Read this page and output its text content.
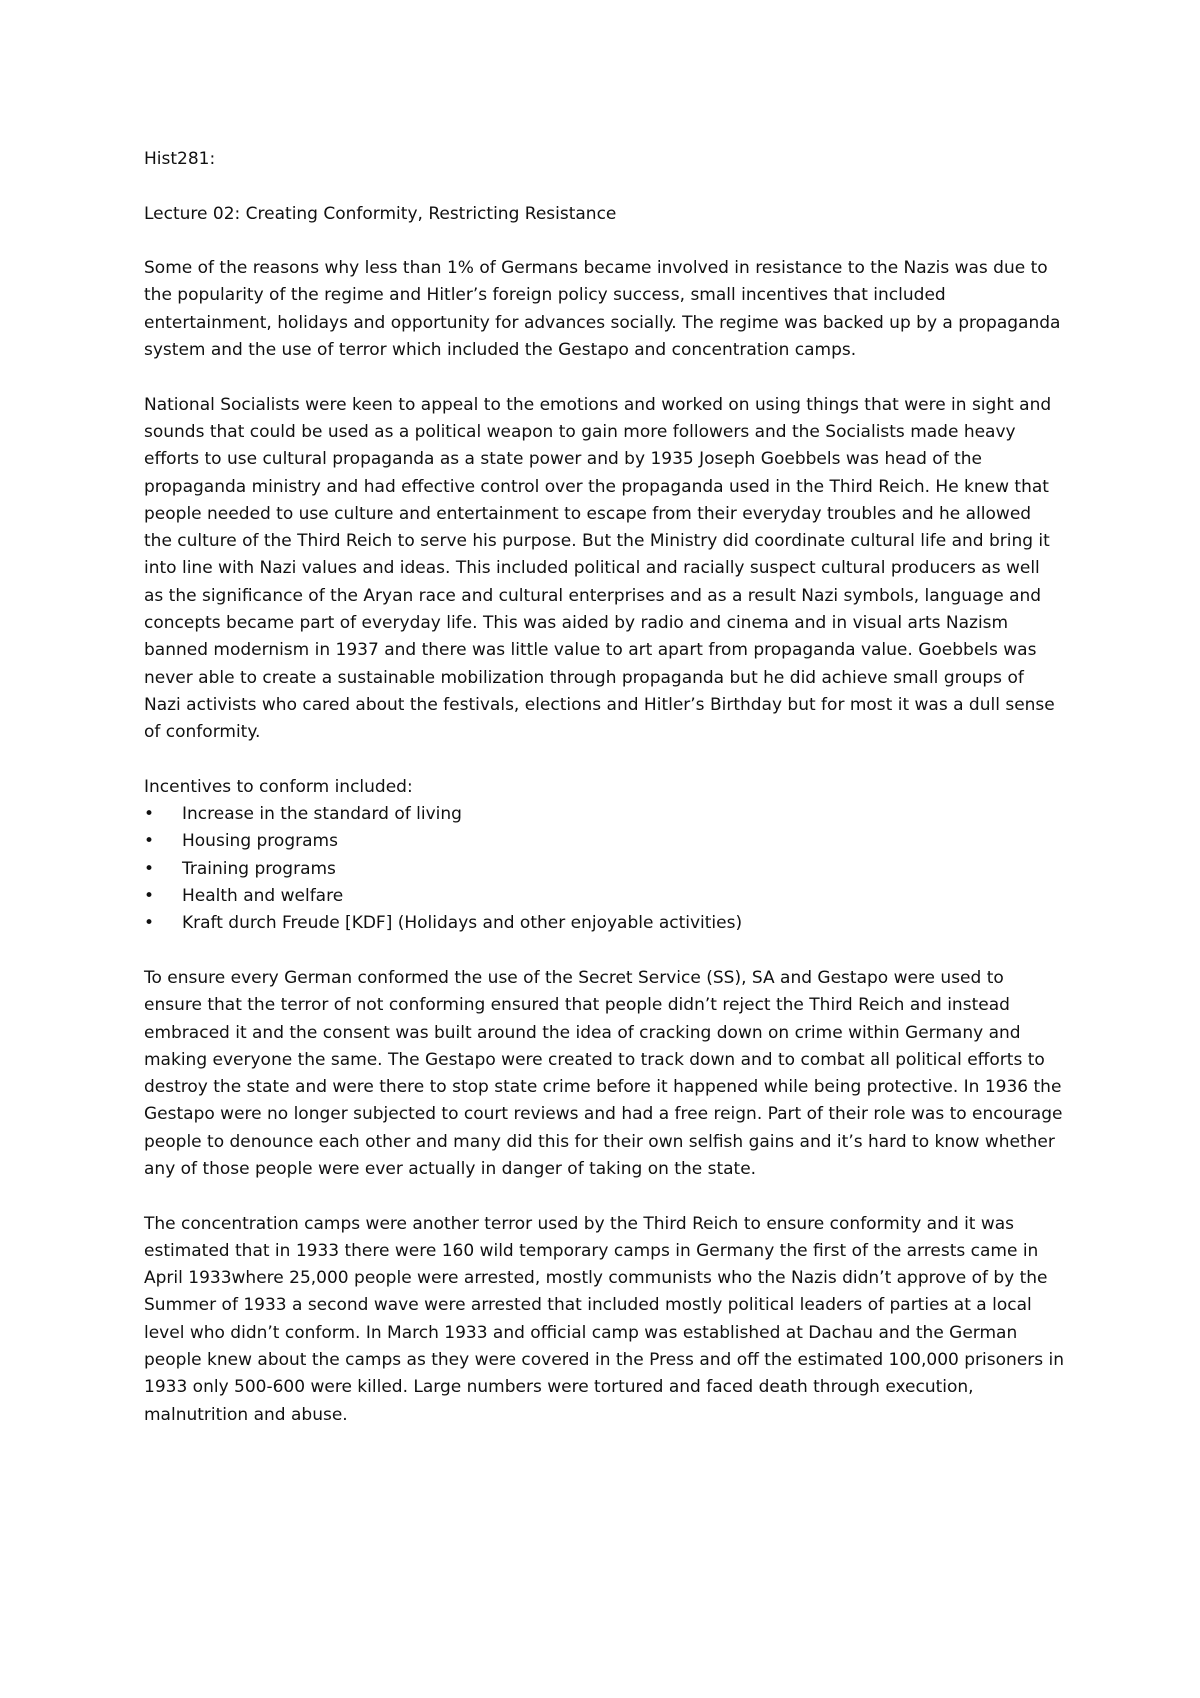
Hist281:

Lecture 02: Creating Conformity, Restricting Resistance

Some of the reasons why less than 1% of Germans became involved in resistance to the Nazis was due to the popularity of the regime and Hitler’s foreign policy success, small incentives that included entertainment, holidays and opportunity for advances socially. The regime was backed up by a propaganda system and the use of terror which included the Gestapo and concentration camps.

National Socialists were keen to appeal to the emotions and worked on using things that were in sight and sounds that could be used as a political weapon to gain more followers and the Socialists made heavy efforts to use cultural propaganda as a state power and by 1935 Joseph Goebbels was head of the propaganda ministry and had effective control over the propaganda used in the Third Reich. He knew that people needed to use culture and entertainment to escape from their everyday troubles and he allowed the culture of the Third Reich to serve his purpose. But the Ministry did coordinate cultural life and bring it into line with Nazi values and ideas. This included political and racially suspect cultural producers as well as the significance of the Aryan race and cultural enterprises and as a result Nazi symbols, language and concepts became part of everyday life. This was aided by radio and cinema and in visual arts Nazism banned modernism in 1937 and there was little value to art apart from propaganda value. Goebbels was never able to create a sustainable mobilization through propaganda but he did achieve small groups of Nazi activists who cared about the festivals, elections and Hitler’s Birthday but for most it was a dull sense of conformity.

Incentives to conform included:
• Increase in the standard of living
• Housing programs
• Training programs
• Health and welfare
• Kraft durch Freude [KDF] (Holidays and other enjoyable activities)

To ensure every German conformed the use of the Secret Service (SS), SA and Gestapo were used to ensure that the terror of not conforming ensured that people didn’t reject the Third Reich and instead embraced it and the consent was built around the idea of cracking down on crime within Germany and making everyone the same. The Gestapo were created to track down and to combat all political efforts to destroy the state and were there to stop state crime before it happened while being protective. In 1936 the Gestapo were no longer subjected to court reviews and had a free reign. Part of their role was to encourage people to denounce each other and many did this for their own selfish gains and it’s hard to know whether any of those people were ever actually in danger of taking on the state.

The concentration camps were another terror used by the Third Reich to ensure conformity and it was estimated that in 1933 there were 160 wild temporary camps in Germany the first of the arrests came in April 1933where 25,000 people were arrested, mostly communists who the Nazis didn’t approve of by the Summer of 1933 a second wave were arrested that included mostly political leaders of parties at a local level who didn’t conform. In March 1933 and official camp was established at Dachau and the German people knew about the camps as they were covered in the Press and off the estimated 100,000 prisoners in 1933 only 500-600 were killed. Large numbers were tortured and faced death through execution, malnutrition and abuse.
